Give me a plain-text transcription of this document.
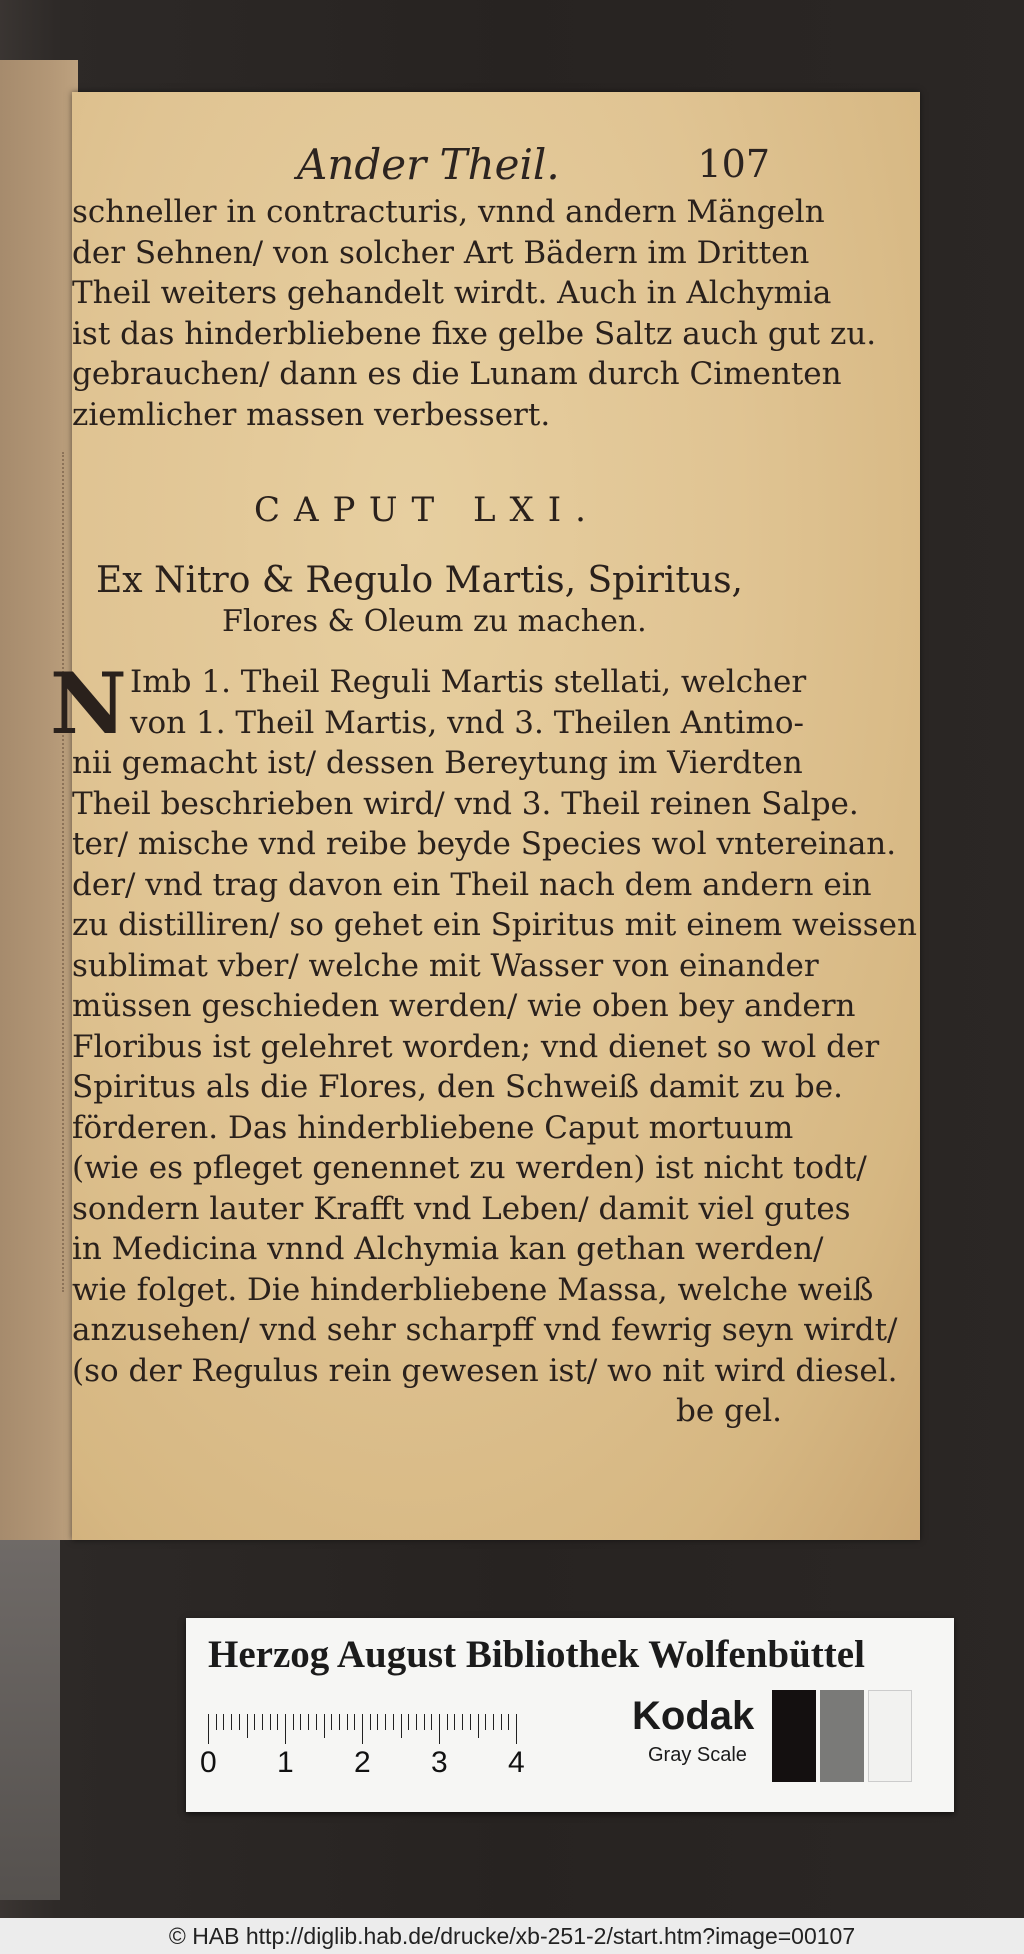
Ander Theil.	107
schneller in contracturis, vnnd andern Mängeln
der Sehnen/ von solcher Art Bädern im Dritten
Theil weiters gehandelt wirdt. Auch in Alchymia
ist das hinderbliebene fixe gelbe Saltz auch gut zu.
gebrauchen/ dann es die Lunam durch Cimenten
ziemlicher massen verbessert.
CAPUT LXI.
Ex Nitro & Regulo Martis, Spiritus,
Flores & Oleum zu machen.
N Imb 1. Theil Reguli Martis stellati, welcher
von 1. Theil Martis, vnd 3. Theilen Antimo-
nii gemacht ist/ dessen Bereytung im Vierdten
Theil beschrieben wird/ vnd 3. Theil reinen Salpe.
ter/ mische vnd reibe beyde Species wol vntereinan.
der/ vnd trag davon ein Theil nach dem andern ein
zu distilliren/ so gehet ein Spiritus mit einem weissen
sublimat vber/ welche mit Wasser von einander
müssen geschieden werden/ wie oben bey andern
Floribus ist gelehret worden; vnd dienet so wol der
Spiritus als die Flores, den Schweiß damit zu be.
förderen. Das hinderbliebene Caput mortuum
(wie es pfleget genennet zu werden) ist nicht todt/
sondern lauter Krafft vnd Leben/ damit viel gutes
in Medicina vnnd Alchymia kan gethan werden/
wie folget. Die hinderbliebene Massa, welche weiß
anzusehen/ vnd sehr scharpff vnd fewrig seyn wirdt/
(so der Regulus rein gewesen ist/ wo nit wird diesel.
be gel.
Herzog August Bibliothek Wolfenbüttel
0 1 2 3 4
Kodak
Gray Scale
© HAB http://diglib.hab.de/drucke/xb-251-2/start.htm?image=00107
